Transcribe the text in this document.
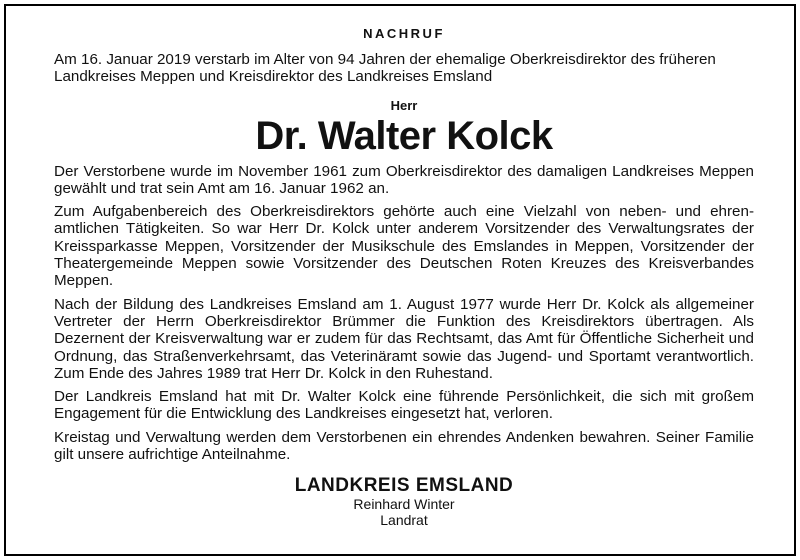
NACHRUF

Am 16. Januar 2019 verstarb im Alter von 94 Jahren der ehemalige Oberkreisdirektor des früheren Landkreises Meppen und Kreisdirektor des Landkreises Emsland

Herr
Dr. Walter Kolck

Der Verstorbene wurde im November 1961 zum Oberkreisdirektor des damaligen Landkreises Meppen gewählt und trat sein Amt am 16. Januar 1962 an.

Zum Aufgabenbereich des Oberkreisdirektors gehörte auch eine Vielzahl von neben- und ehrenamtlichen Tätigkeiten. So war Herr Dr. Kolck unter anderem Vorsitzender des Verwaltungsrates der Kreissparkasse Meppen, Vorsitzender der Musikschule des Emslandes in Meppen, Vorsitzender der Theatergemeinde Meppen sowie Vorsitzender des Deutschen Roten Kreuzes des Kreisverbandes Meppen.

Nach der Bildung des Landkreises Emsland am 1. August 1977 wurde Herr Dr. Kolck als allgemeiner Vertreter der Herrn Oberkreisdirektor Brümmer die Funktion des Kreisdirektors übertragen. Als Dezernent der Kreisverwaltung war er zudem für das Rechtsamt, das Amt für Öffentliche Sicherheit und Ordnung, das Straßenverkehrsamt, das Veterinäramt sowie das Jugend- und Sportamt verantwortlich. Zum Ende des Jahres 1989 trat Herr Dr. Kolck in den Ruhestand.

Der Landkreis Emsland hat mit Dr. Walter Kolck eine führende Persönlichkeit, die sich mit großem Engagement für die Entwicklung des Landkreises eingesetzt hat, verloren.

Kreistag und Verwaltung werden dem Verstorbenen ein ehrendes Andenken bewahren. Seiner Familie gilt unsere aufrichtige Anteilnahme.

LANDKREIS EMSLAND
Reinhard Winter
Landrat
